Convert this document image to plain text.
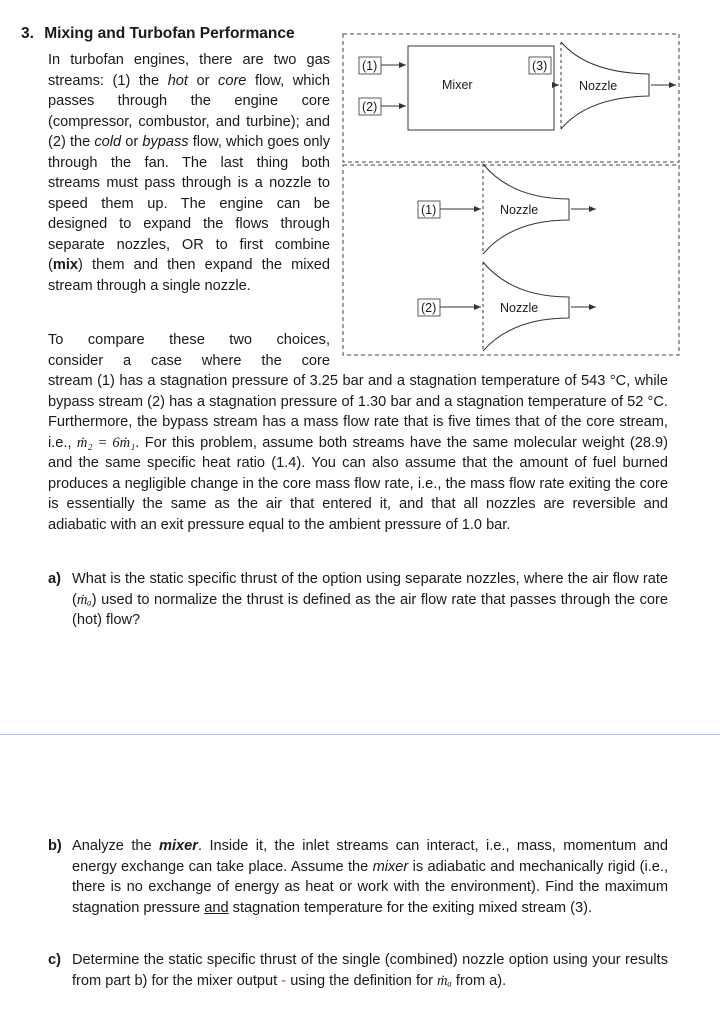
3. Mixing and Turbofan Performance

In turbofan engines, there are two gas streams: (1) the hot or core flow, which passes through the engine core (compressor, combustor, and turbine); and (2) the cold or bypass flow, which goes only through the fan. The last thing both streams must pass through is a nozzle to speed them up. The engine can be designed to expand the flows through separate nozzles, OR to first combine (mix) them and then expand the mixed stream through a single nozzle.

To compare these two choices,
consider a case where the core
stream (1) has a stagnation pressure of 3.25 bar and a stagnation temperature of 543 °C, while bypass stream (2) has a stagnation pressure of 1.30 bar and a stagnation temperature of 52 °C. Furthermore, the bypass stream has a mass flow rate that is five times that of the core stream, i.e., ṁ₂ = 6ṁ₁. For this problem, assume both streams have the same molecular weight (28.9) and the same specific heat ratio (1.4). You can also assume that the amount of fuel burned produces a negligible change in the core mass flow rate, i.e., the mass flow rate exiting the core is essentially the same as the air that entered it, and that all nozzles are reversible and adiabatic with an exit pressure equal to the ambient pressure of 1.0 bar.

a) What is the static specific thrust of the option using separate nozzles, where the air flow rate (ṁₐ) used to normalize the thrust is defined as the air flow rate that passes through the core (hot) flow?
b) Analyze the mixer. Inside it, the inlet streams can interact, i.e., mass, momentum and energy exchange can take place. Assume the mixer is adiabatic and mechanically rigid (i.e., there is no exchange of energy as heat or work with the environment). Find the maximum stagnation pressure and stagnation temperature for the exiting mixed stream (3).
c) Determine the static specific thrust of the single (combined) nozzle option using your results from part b) for the mixer output - using the definition for ṁₐ from a).
(1)
(2)
Mixer
(3)
Nozzle
(1)	Nozzle
(2)	Nozzle
